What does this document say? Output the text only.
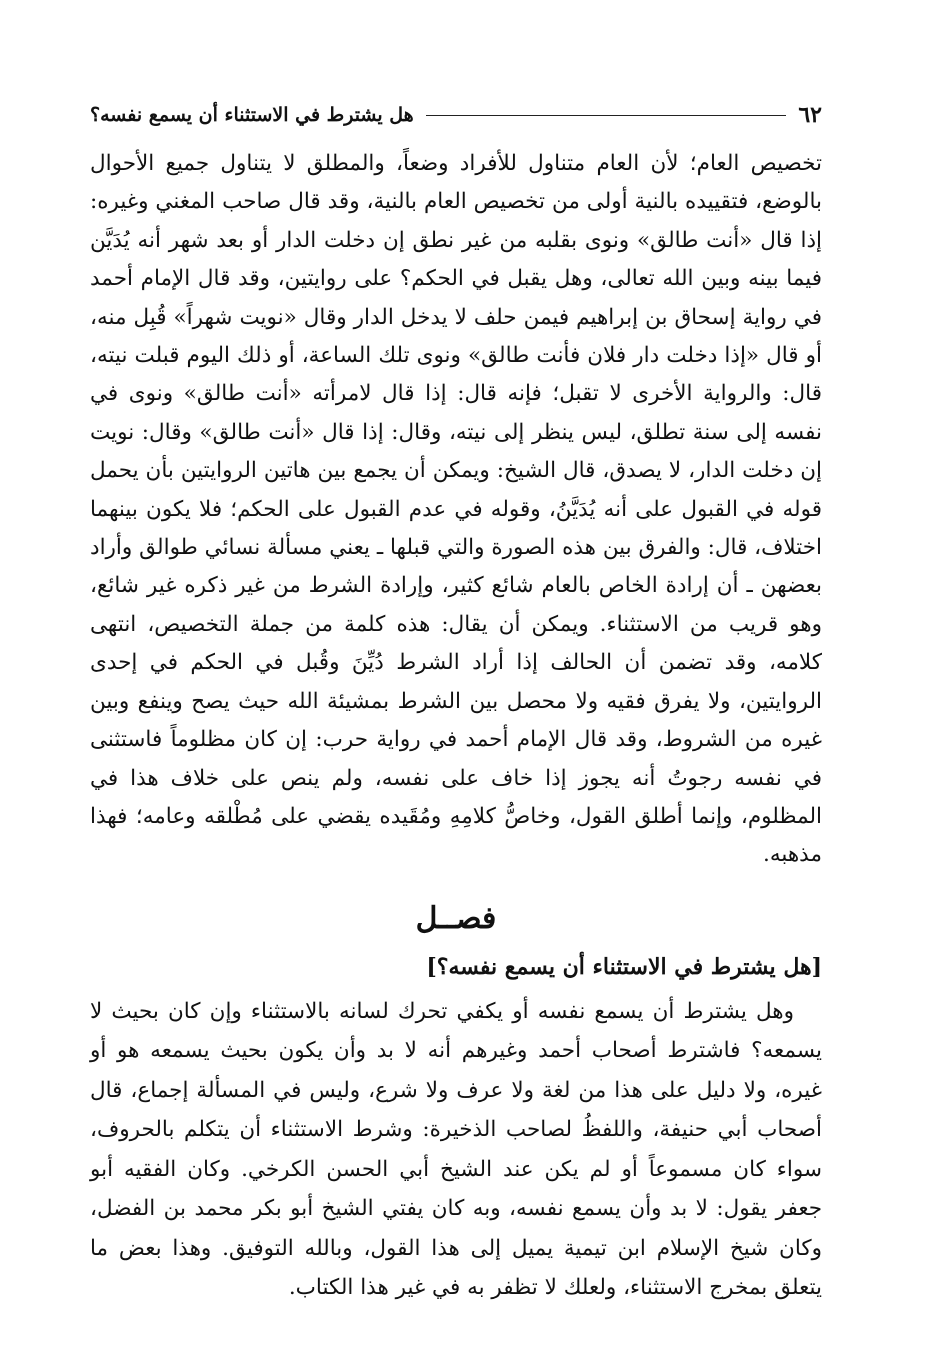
٦٢
هل يشترط في الاستثناء أن يسمع نفسه؟

تخصيص العام؛ لأن العام متناول للأفراد وضعاً، والمطلق لا يتناول جميع الأحوال بالوضع، فتقييده بالنية أولى من تخصيص العام بالنية، وقد قال صاحب المغني وغيره: إذا قال «أنت طالق» ونوى بقلبه من غير نطق إن دخلت الدار أو بعد شهر أنه يُدَيَّن فيما بينه وبين الله تعالى، وهل يقبل في الحكم؟ على روايتين، وقد قال الإمام أحمد في رواية إسحاق بن إبراهيم فيمن حلف لا يدخل الدار وقال «نويت شهراً» قُبِل منه، أو قال «إذا دخلت دار فلان فأنت طالق» ونوى تلك الساعة، أو ذلك اليوم قبلت نيته، قال: والرواية الأخرى لا تقبل؛ فإنه قال: إذا قال لامرأته «أنت طالق» ونوى في نفسه إلى سنة تطلق، ليس ينظر إلى نيته، وقال: إذا قال «أنت طالق» وقال: نويت إن دخلت الدار، لا يصدق، قال الشيخ: ويمكن أن يجمع بين هاتين الروايتين بأن يحمل قوله في القبول على أنه يُدَيَّنُ، وقوله في عدم القبول على الحكم؛ فلا يكون بينهما اختلاف، قال: والفرق بين هذه الصورة والتي قبلها ـ يعني مسألة نسائي طوالق وأراد بعضهن ـ أن إرادة الخاص بالعام شائع كثير، وإرادة الشرط من غير ذكره غير شائع، وهو قريب من الاستثناء. ويمكن أن يقال: هذه كلمة من جملة التخصيص، انتهى كلامه، وقد تضمن أن الحالف إذا أراد الشرط دُيِّنَ وقُبل في الحكم في إحدى الروايتين، ولا يفرق فقيه ولا محصل بين الشرط بمشيئة الله حيث يصح وينفع وبين غيره من الشروط، وقد قال الإمام أحمد في رواية حرب: إن كان مظلوماً فاستثنى في نفسه رجوتُ أنه يجوز إذا خاف على نفسه، ولم ينص على خلاف هذا في المظلوم، وإنما أطلق القول، وخاصُّ كلامِهِ ومُقَيده يقضي على مُطْلقه وعامه؛ فهذا مذهبه.

فصــل
[هل يشترط في الاستثناء أن يسمع نفسه؟]

وهل يشترط أن يسمع نفسه أو يكفي تحرك لسانه بالاستثناء وإن كان بحيث لا يسمعه؟ فاشترط أصحاب أحمد وغيرهم أنه لا بد وأن يكون بحيث يسمعه هو أو غيره، ولا دليل على هذا من لغة ولا عرف ولا شرع، وليس في المسألة إجماع، قال أصحاب أبي حنيفة، واللفظُ لصاحب الذخيرة: وشرط الاستثناء أن يتكلم بالحروف، سواء كان مسموعاً أو لم يكن عند الشيخ أبي الحسن الكرخي. وكان الفقيه أبو جعفر يقول: لا بد وأن يسمع نفسه، وبه كان يفتي الشيخ أبو بكر محمد بن الفضل، وكان شيخ الإسلام ابن تيمية يميل إلى هذا القول، وبالله التوفيق. وهذا بعض ما يتعلق بمخرج الاستثناء، ولعلك لا تظفر به في غير هذا الكتاب.
